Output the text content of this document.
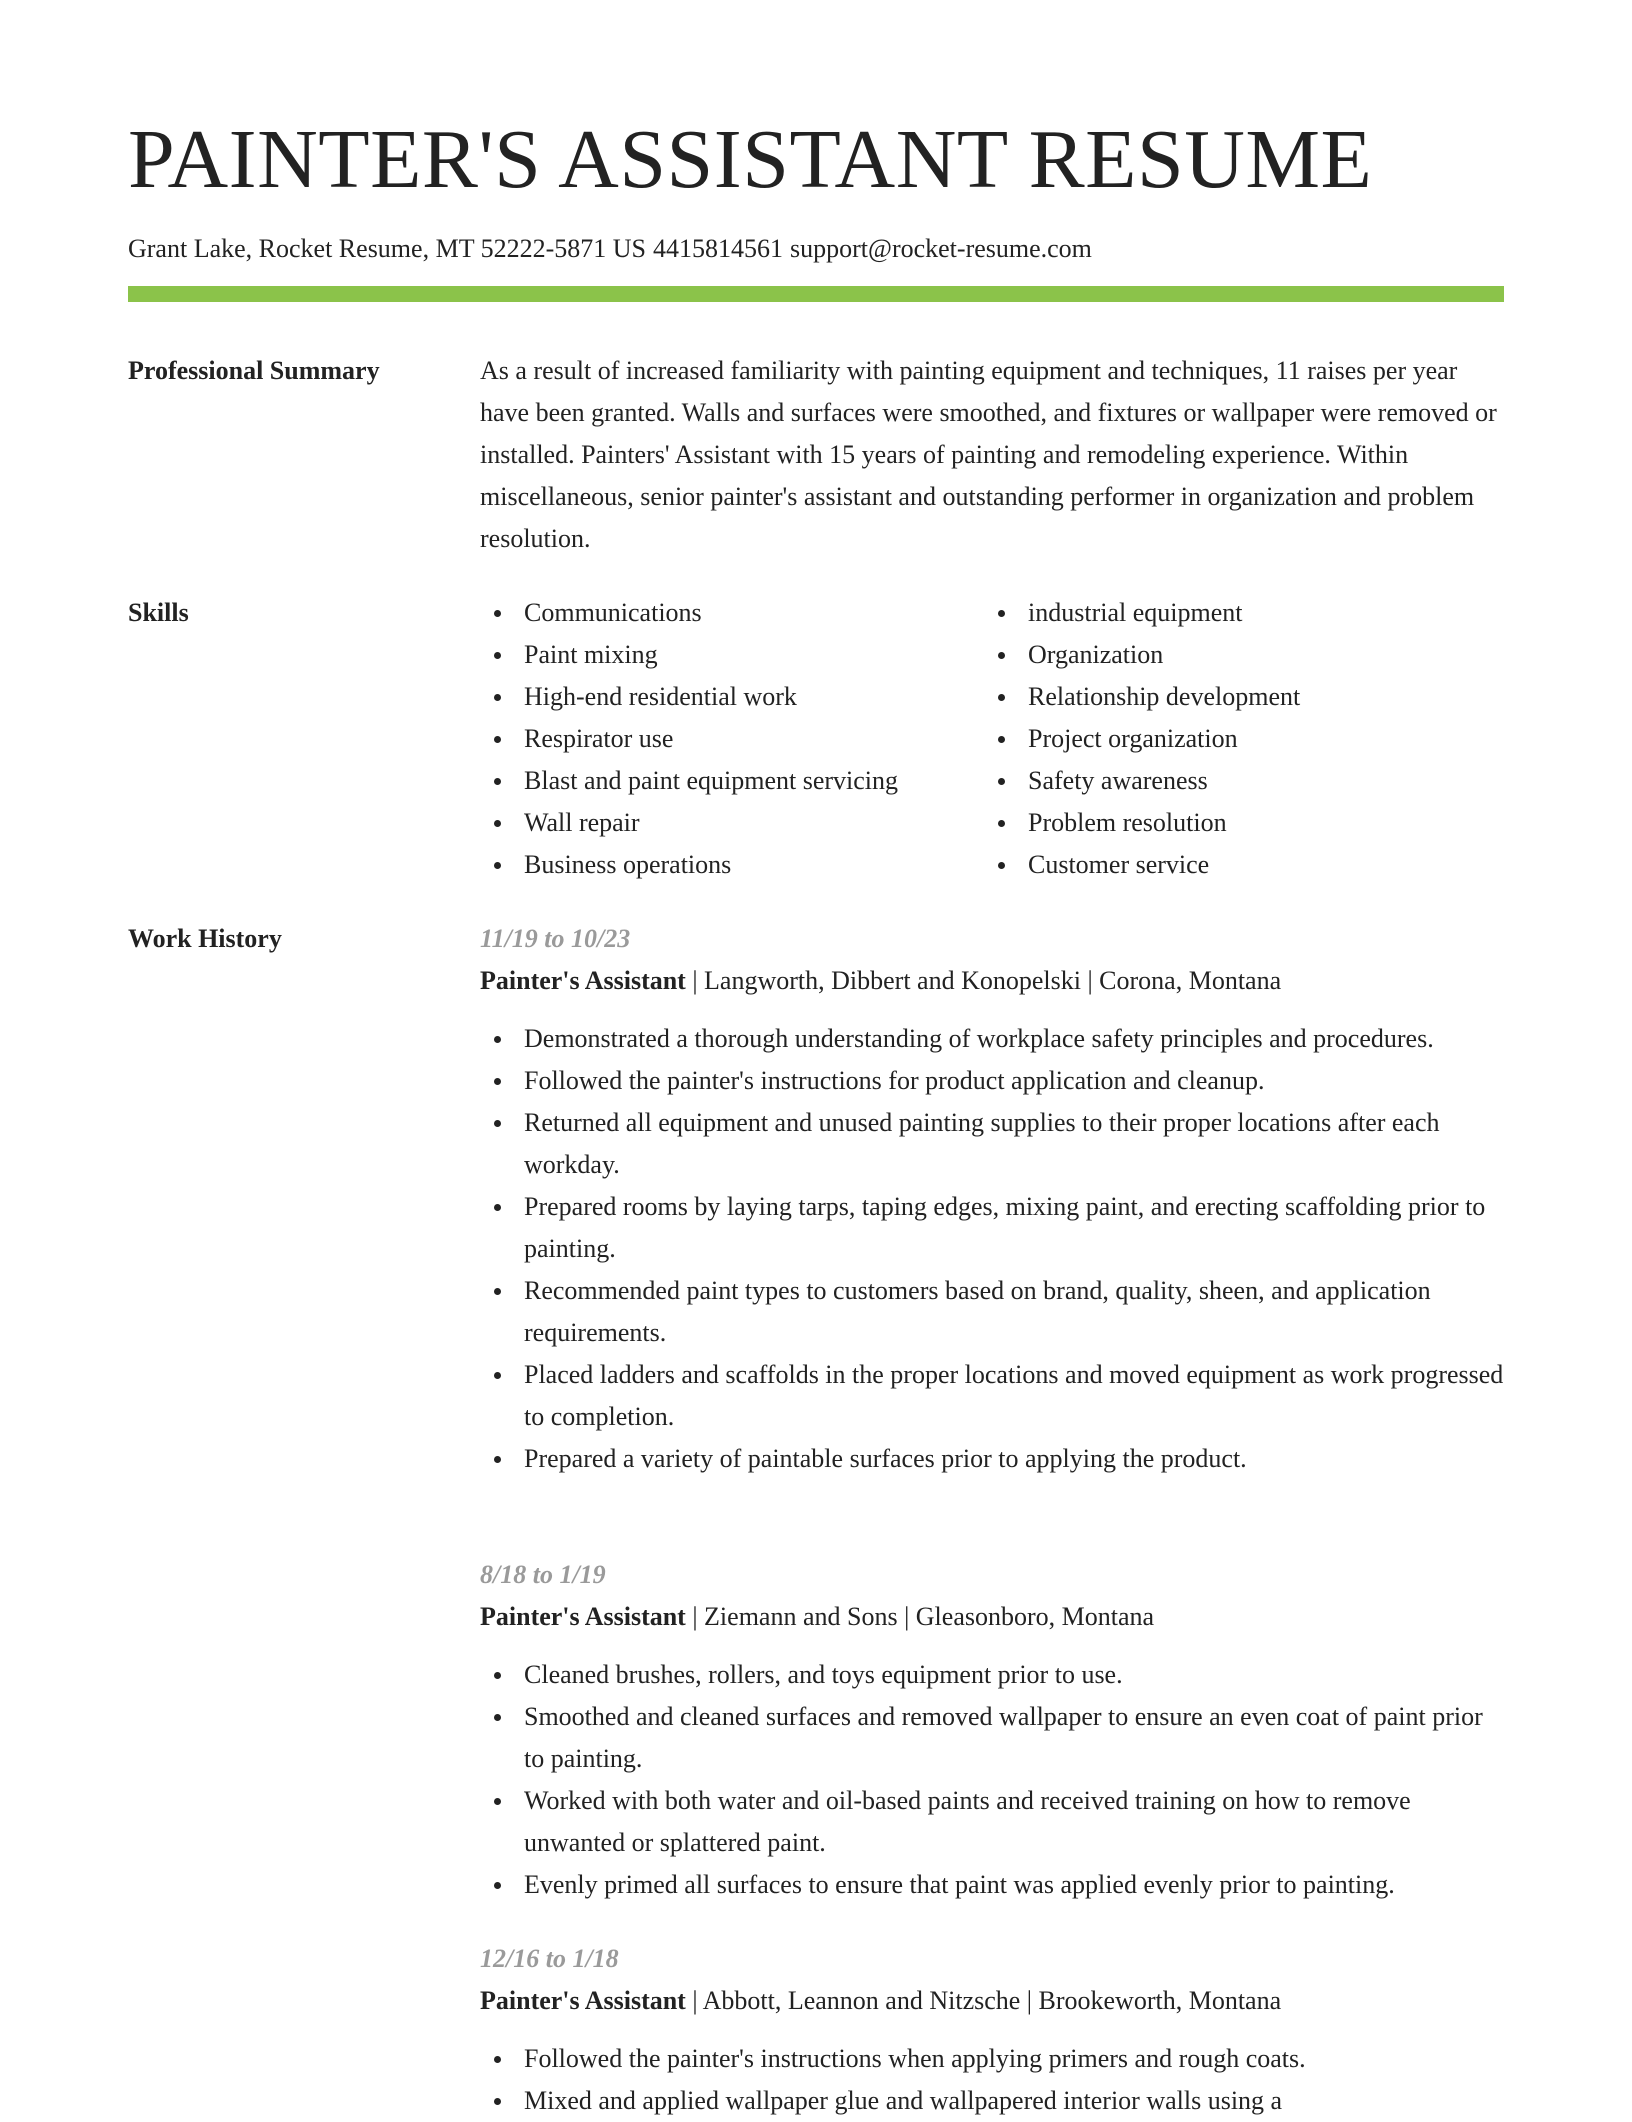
PAINTER'S ASSISTANT RESUME
Grant Lake, Rocket Resume, MT 52222-5871 US 4415814561 support@rocket-resume.com
Professional Summary	As a result of increased familiarity with painting equipment and techniques, 11 raises per year have been granted. Walls and surfaces were smoothed, and fixtures or wallpaper were removed or installed. Painters' Assistant with 15 years of painting and remodeling experience. Within miscellaneous, senior painter's assistant and outstanding performer in organization and problem resolution.

Skills	Communications
Paint mixing
High-end residential work
Respirator use
Blast and paint equipment servicing
Wall repair
Business operations
industrial equipment
Organization
Relationship development
Project organization
Safety awareness
Problem resolution
Customer service
Work History	11/19 to 10/23
Painter's Assistant | Langworth, Dibbert and Konopelski | Corona, Montana
Demonstrated a thorough understanding of workplace safety principles and procedures.
Followed the painter's instructions for product application and cleanup.
Returned all equipment and unused painting supplies to their proper locations after each workday.
Prepared rooms by laying tarps, taping edges, mixing paint, and erecting scaffolding prior to painting.
Recommended paint types to customers based on brand, quality, sheen, and application requirements.
Placed ladders and scaffolds in the proper locations and moved equipment as work progressed to completion.
Prepared a variety of paintable surfaces prior to applying the product.
8/18 to 1/19
Painter's Assistant | Ziemann and Sons | Gleasonboro, Montana
Cleaned brushes, rollers, and toys equipment prior to use.
Smoothed and cleaned surfaces and removed wallpaper to ensure an even coat of paint prior to painting.
Worked with both water and oil-based paints and received training on how to remove unwanted or splattered paint.
Evenly primed all surfaces to ensure that paint was applied evenly prior to painting.
12/16 to 1/18
Painter's Assistant | Abbott, Leannon and Nitzsche | Brookeworth, Montana
Followed the painter's instructions when applying primers and rough coats.
Mixed and applied wallpaper glue and wallpapered interior walls using a
